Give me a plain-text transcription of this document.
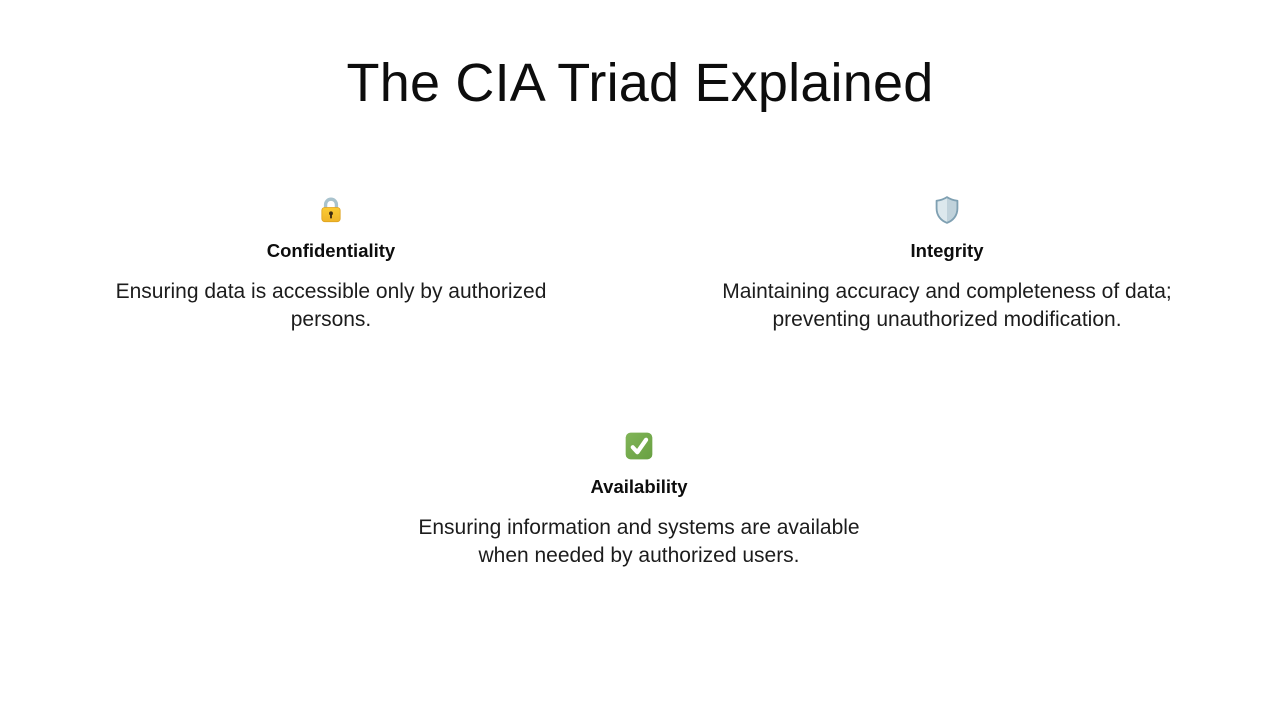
The CIA Triad Explained
Confidentiality

Ensuring data is accessible only by authorized persons.

Integrity

Maintaining accuracy and completeness of data; preventing unauthorized modification.

Availability

Ensuring information and systems are available when needed by authorized users.
